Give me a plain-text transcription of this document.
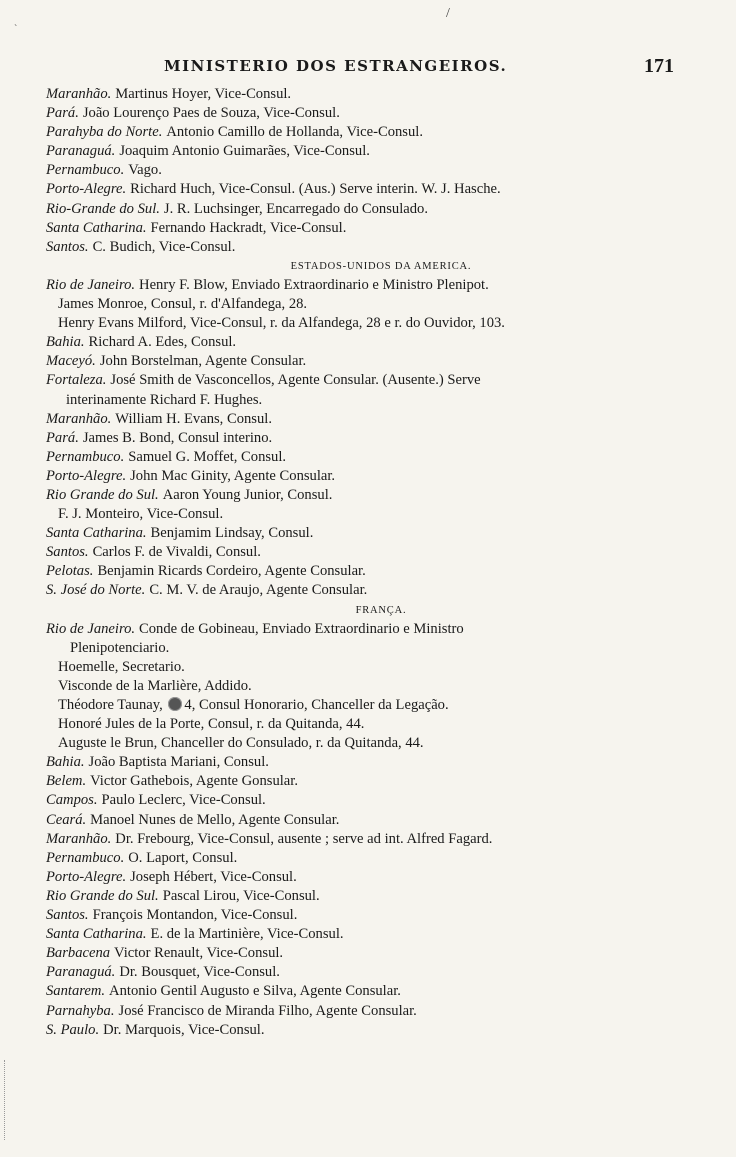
/
ˋ
MINISTERIO DOS ESTRANGEIROS.	171
Maranhão. Martinus Hoyer, Vice-Consul.
Pará. João Lourenço Paes de Souza, Vice-Consul.
Parahyba do Norte. Antonio Camillo de Hollanda, Vice-Consul.
Paranaguá. Joaquim Antonio Guimarães, Vice-Consul.
Pernambuco. Vago.
Porto-Alegre. Richard Huch, Vice-Consul. (Aus.) Serve interin. W. J. Hasche.
Rio-Grande do Sul. J. R. Luchsinger, Encarregado do Consulado.
Santa Catharina. Fernando Hackradt, Vice-Consul.
Santos. C. Budich, Vice-Consul.
ESTADOS-UNIDOS DA AMERICA.
Rio de Janeiro. Henry F. Blow, Enviado Extraordinario e Ministro Plenipot.
James Monroe, Consul, r. d'Alfandega, 28.
Henry Evans Milford, Vice-Consul, r. da Alfandega, 28 e r. do Ouvidor, 103.
Bahia. Richard A. Edes, Consul.
Maceyó. John Borstelman, Agente Consular.
Fortaleza. José Smith de Vasconcellos, Agente Consular. (Ausente.) Serve
interinamente Richard F. Hughes.
Maranhão. William H. Evans, Consul.
Pará. James B. Bond, Consul interino.
Pernambuco. Samuel G. Moffet, Consul.
Porto-Alegre. John Mac Ginity, Agente Consular.
Rio Grande do Sul. Aaron Young Junior, Consul.
F. J. Monteiro, Vice-Consul.
Santa Catharina. Benjamim Lindsay, Consul.
Santos. Carlos F. de Vivaldi, Consul.
Pelotas. Benjamin Ricards Cordeiro, Agente Consular.
S. José do Norte. C. M. V. de Araujo, Agente Consular.
FRANÇA.
Rio de Janeiro. Conde de Gobineau, Enviado Extraordinario e Ministro
Plenipotenciario.
Hoemelle, Secretario.
Visconde de la Marlière, Addido.
Théodore Taunay, 4, Consul Honorario, Chanceller da Legação.
Honoré Jules de la Porte, Consul, r. da Quitanda, 44.
Auguste le Brun, Chanceller do Consulado, r. da Quitanda, 44.
Bahia. João Baptista Mariani, Consul.
Belem. Victor Gathebois, Agente Gonsular.
Campos. Paulo Leclerc, Vice-Consul.
Ceará. Manoel Nunes de Mello, Agente Consular.
Maranhão. Dr. Frebourg, Vice-Consul, ausente ; serve ad int. Alfred Fagard.
Pernambuco. O. Laport, Consul.
Porto-Alegre. Joseph Hébert, Vice-Consul.
Rio Grande do Sul. Pascal Lirou, Vice-Consul.
Santos. François Montandon, Vice-Consul.
Santa Catharina. E. de la Martinière, Vice-Consul.
Barbacena Victor Renault, Vice-Consul.
Paranaguá. Dr. Bousquet, Vice-Consul.
Santarem. Antonio Gentil Augusto e Silva, Agente Consular.
Parnahyba. José Francisco de Miranda Filho, Agente Consular.
S. Paulo. Dr. Marquois, Vice-Consul.
